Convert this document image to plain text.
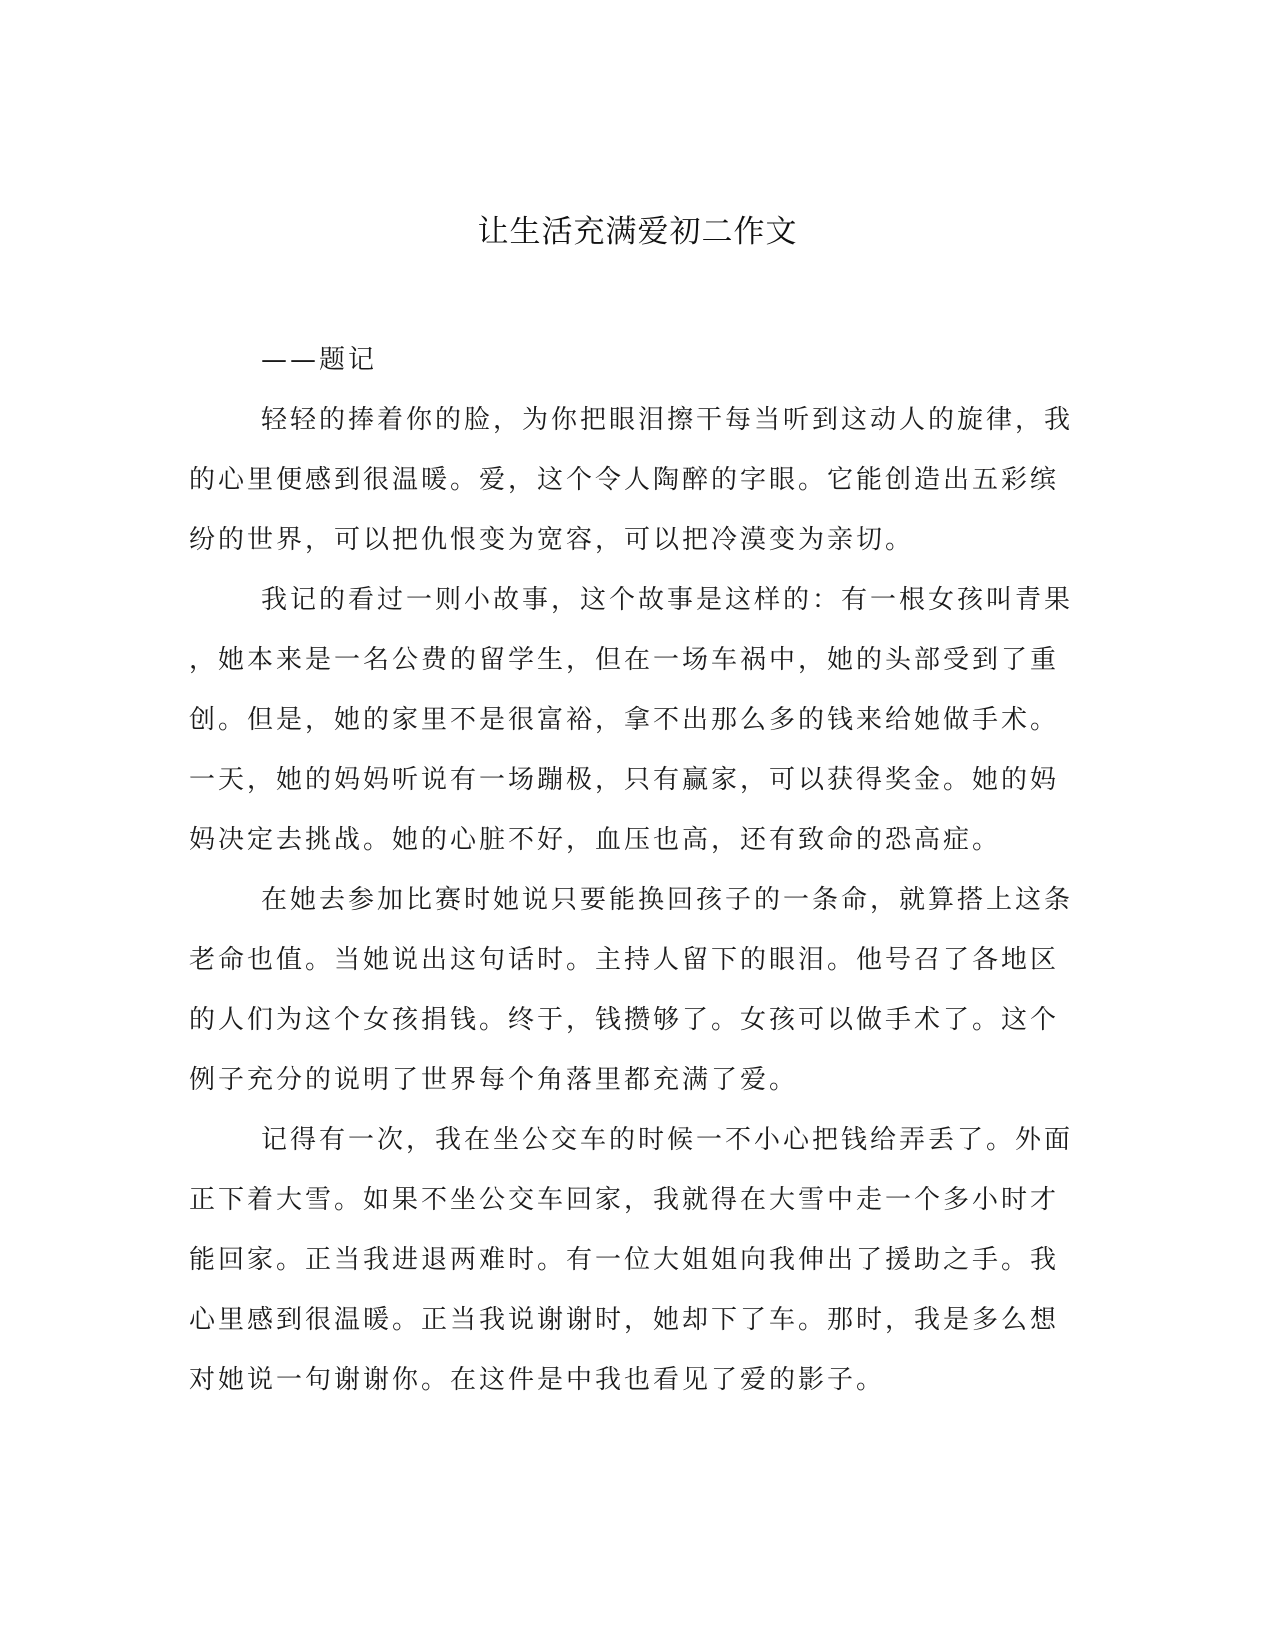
让生活充满爱初二作文
——题记
轻轻的捧着你的脸，为你把眼泪擦干每当听到这动人的旋律，我
的心里便感到很温暖。爱，这个令人陶醉的字眼。它能创造出五彩缤
纷的世界，可以把仇恨变为宽容，可以把冷漠变为亲切。
我记的看过一则小故事，这个故事是这样的：有一根女孩叫青果
，她本来是一名公费的留学生，但在一场车祸中，她的头部受到了重
创。但是，她的家里不是很富裕，拿不出那么多的钱来给她做手术。
一天，她的妈妈听说有一场蹦极，只有赢家，可以获得奖金。她的妈
妈决定去挑战。她的心脏不好，血压也高，还有致命的恐高症。
在她去参加比赛时她说只要能换回孩子的一条命，就算搭上这条
老命也值。当她说出这句话时。主持人留下的眼泪。他号召了各地区
的人们为这个女孩捐钱。终于，钱攒够了。女孩可以做手术了。这个
例子充分的说明了世界每个角落里都充满了爱。
记得有一次，我在坐公交车的时候一不小心把钱给弄丢了。外面
正下着大雪。如果不坐公交车回家，我就得在大雪中走一个多小时才
能回家。正当我进退两难时。有一位大姐姐向我伸出了援助之手。我
心里感到很温暖。正当我说谢谢时，她却下了车。那时，我是多么想
对她说一句谢谢你。在这件是中我也看见了爱的影子。
